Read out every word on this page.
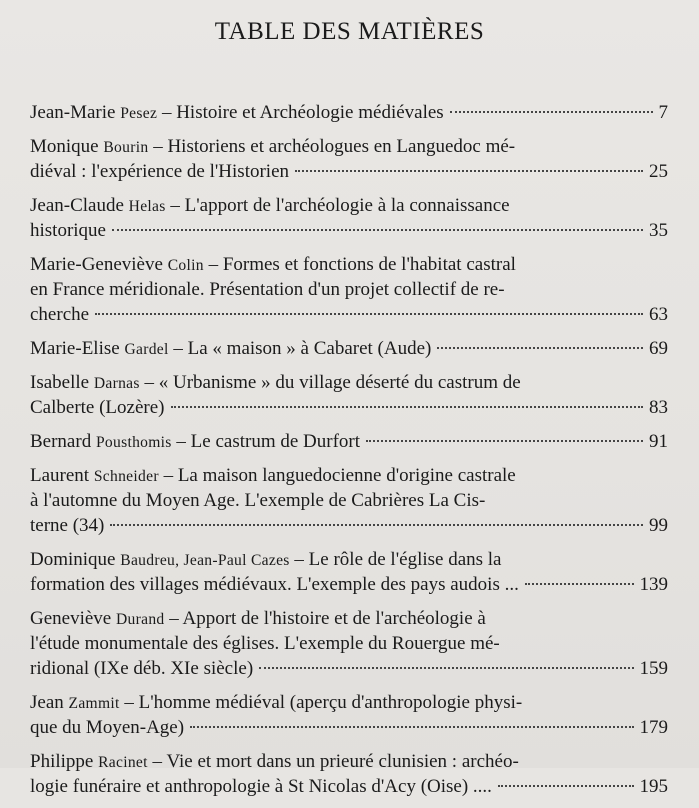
TABLE DES MATIÈRES
Jean-Marie Pesez – Histoire et Archéologie médiévales	7
Monique Bourin – Historiens et archéologues en Languedoc mé-
diéval : l'expérience de l'Historien	25
Jean-Claude Helas – L'apport de l'archéologie à la connaissance
historique	35
Marie-Geneviève Colin – Formes et fonctions de l'habitat castral
en France méridionale. Présentation d'un projet collectif de re-
cherche	63
Marie-Elise Gardel – La « maison » à Cabaret (Aude)	69
Isabelle Darnas – « Urbanisme » du village déserté du castrum de
Calberte (Lozère)	83
Bernard Pousthomis – Le castrum de Durfort	91
Laurent Schneider – La maison languedocienne d'origine castrale
à l'automne du Moyen Age. L'exemple de Cabrières La Cis-
terne (34)	99
Dominique Baudreu, Jean-Paul Cazes – Le rôle de l'église dans la
formation des villages médiévaux. L'exemple des pays audois ...	139
Geneviève Durand – Apport de l'histoire et de l'archéologie à
l'étude monumentale des églises. L'exemple du Rouergue mé-
ridional (IXe déb. XIe siècle)	159
Jean Zammit – L'homme médiéval (aperçu d'anthropologie physi-
que du Moyen-Age)	179
Philippe Racinet – Vie et mort dans un prieuré clunisien : archéo-
logie funéraire et anthropologie à St Nicolas d'Acy (Oise) ....	195
